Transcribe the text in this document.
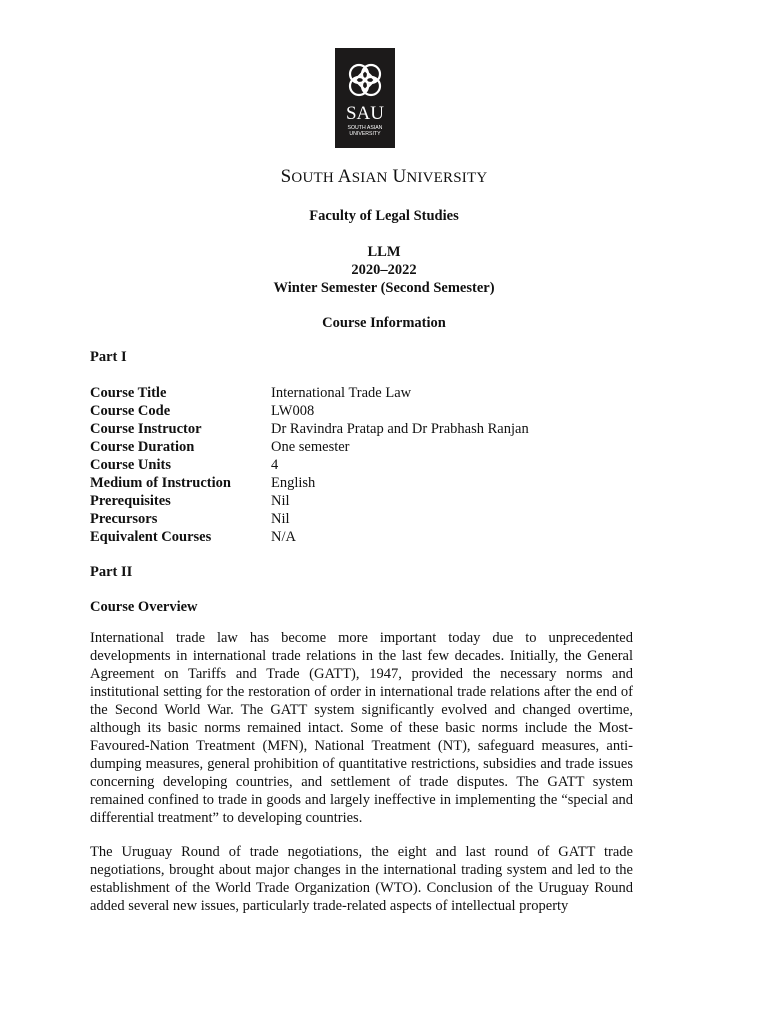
SAU
SOUTH ASIAN
UNIVERSITY
SOUTH ASIAN UNIVERSITY
Faculty of Legal Studies
LLM
2020–2022
Winter Semester (Second Semester)
Course Information
Part I
Course Title	International Trade Law
Course Code	LW008
Course Instructor	Dr Ravindra Pratap and Dr Prabhash Ranjan
Course Duration	One semester
Course Units	4
Medium of Instruction	English
Prerequisites	Nil
Precursors	Nil
Equivalent Courses	N/A
Part II
Course Overview
International trade law has become more important today due to unprecedented developments in international trade relations in the last few decades. Initially, the General Agreement on Tariffs and Trade (GATT), 1947, provided the necessary norms and institutional setting for the restoration of order in international trade relations after the end of the Second World War. The GATT system significantly evolved and changed overtime, although its basic norms remained intact. Some of these basic norms include the Most-Favoured-Nation Treatment (MFN), National Treatment (NT), safeguard measures, anti-dumping measures, general prohibition of quantitative restrictions, subsidies and trade issues concerning developing countries, and settlement of trade disputes. The GATT system remained confined to trade in goods and largely ineffective in implementing the “special and differential treatment” to developing countries.
The Uruguay Round of trade negotiations, the eight and last round of GATT trade negotiations, brought about major changes in the international trading system and led to the establishment of the World Trade Organization (WTO). Conclusion of the Uruguay Round added several new issues, particularly trade-related aspects of intellectual property
